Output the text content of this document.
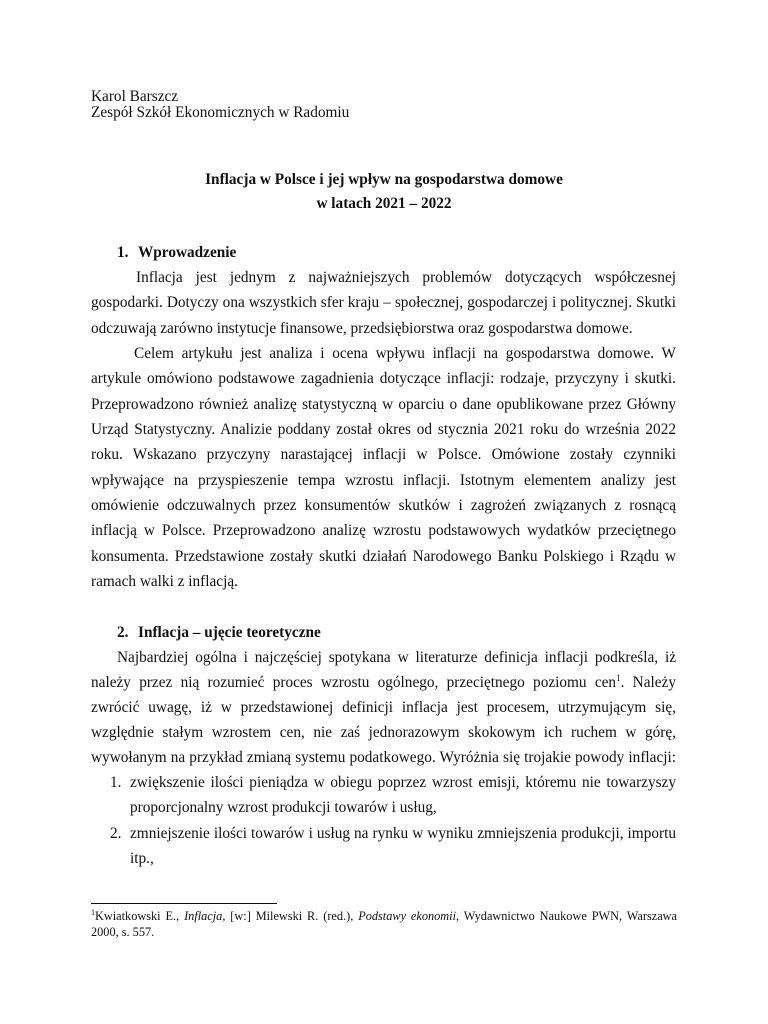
Karol Barszcz
Zespół Szkół Ekonomicznych w Radomiu
Inflacja w Polsce i jej wpływ na gospodarstwa domowe
w latach 2021 – 2022
1. Wprowadzenie
Inflacja jest jednym z najważniejszych problemów dotyczących współczesnej
gospodarki. Dotyczy ona wszystkich sfer kraju – społecznej, gospodarczej i politycznej. Skutki
odczuwają zarówno instytucje finansowe, przedsiębiorstwa oraz gospodarstwa domowe.
Celem artykułu jest analiza i ocena wpływu inflacji na gospodarstwa domowe. W
artykule omówiono podstawowe zagadnienia dotyczące inflacji: rodzaje, przyczyny i skutki.
Przeprowadzono również analizę statystyczną w oparciu o dane opublikowane przez Główny
Urząd Statystyczny. Analizie poddany został okres od stycznia 2021 roku do września 2022
roku. Wskazano przyczyny narastającej inflacji w Polsce. Omówione zostały czynniki
wpływające na przyspieszenie tempa wzrostu inflacji. Istotnym elementem analizy jest
omówienie odczuwalnych przez konsumentów skutków i zagrożeń związanych z rosnącą
inflacją w Polsce. Przeprowadzono analizę wzrostu podstawowych wydatków przeciętnego
konsumenta. Przedstawione zostały skutki działań Narodowego Banku Polskiego i Rządu w
ramach walki z inflacją.
2. Inflacja – ujęcie teoretyczne
Najbardziej ogólna i najczęściej spotykana w literaturze definicja inflacji podkreśla, iż
należy przez nią rozumieć proces wzrostu ogólnego, przeciętnego poziomu cen$^1$. Należy
zwrócić uwagę, iż w przedstawionej definicji inflacja jest procesem, utrzymującym się,
względnie stałym wzrostem cen, nie zaś jednorazowym skokowym ich ruchem w górę,
wywołanym na przykład zmianą systemu podatkowego. Wyróżnia się trojakie powody inflacji:
1. zwiększenie ilości pieniądza w obiegu poprzez wzrost emisji, któremu nie towarzyszy
proporcjonalny wzrost produkcji towarów i usług,
2. zmniejszenie ilości towarów i usług na rynku w wyniku zmniejszenia produkcji, importu
itp.,
$^1$Kwiatkowski E., Inflacja, [w:] Milewski R. (red.), Podstawy ekonomii, Wydawnictwo Naukowe PWN, Warszawa 2000, s. 557.
